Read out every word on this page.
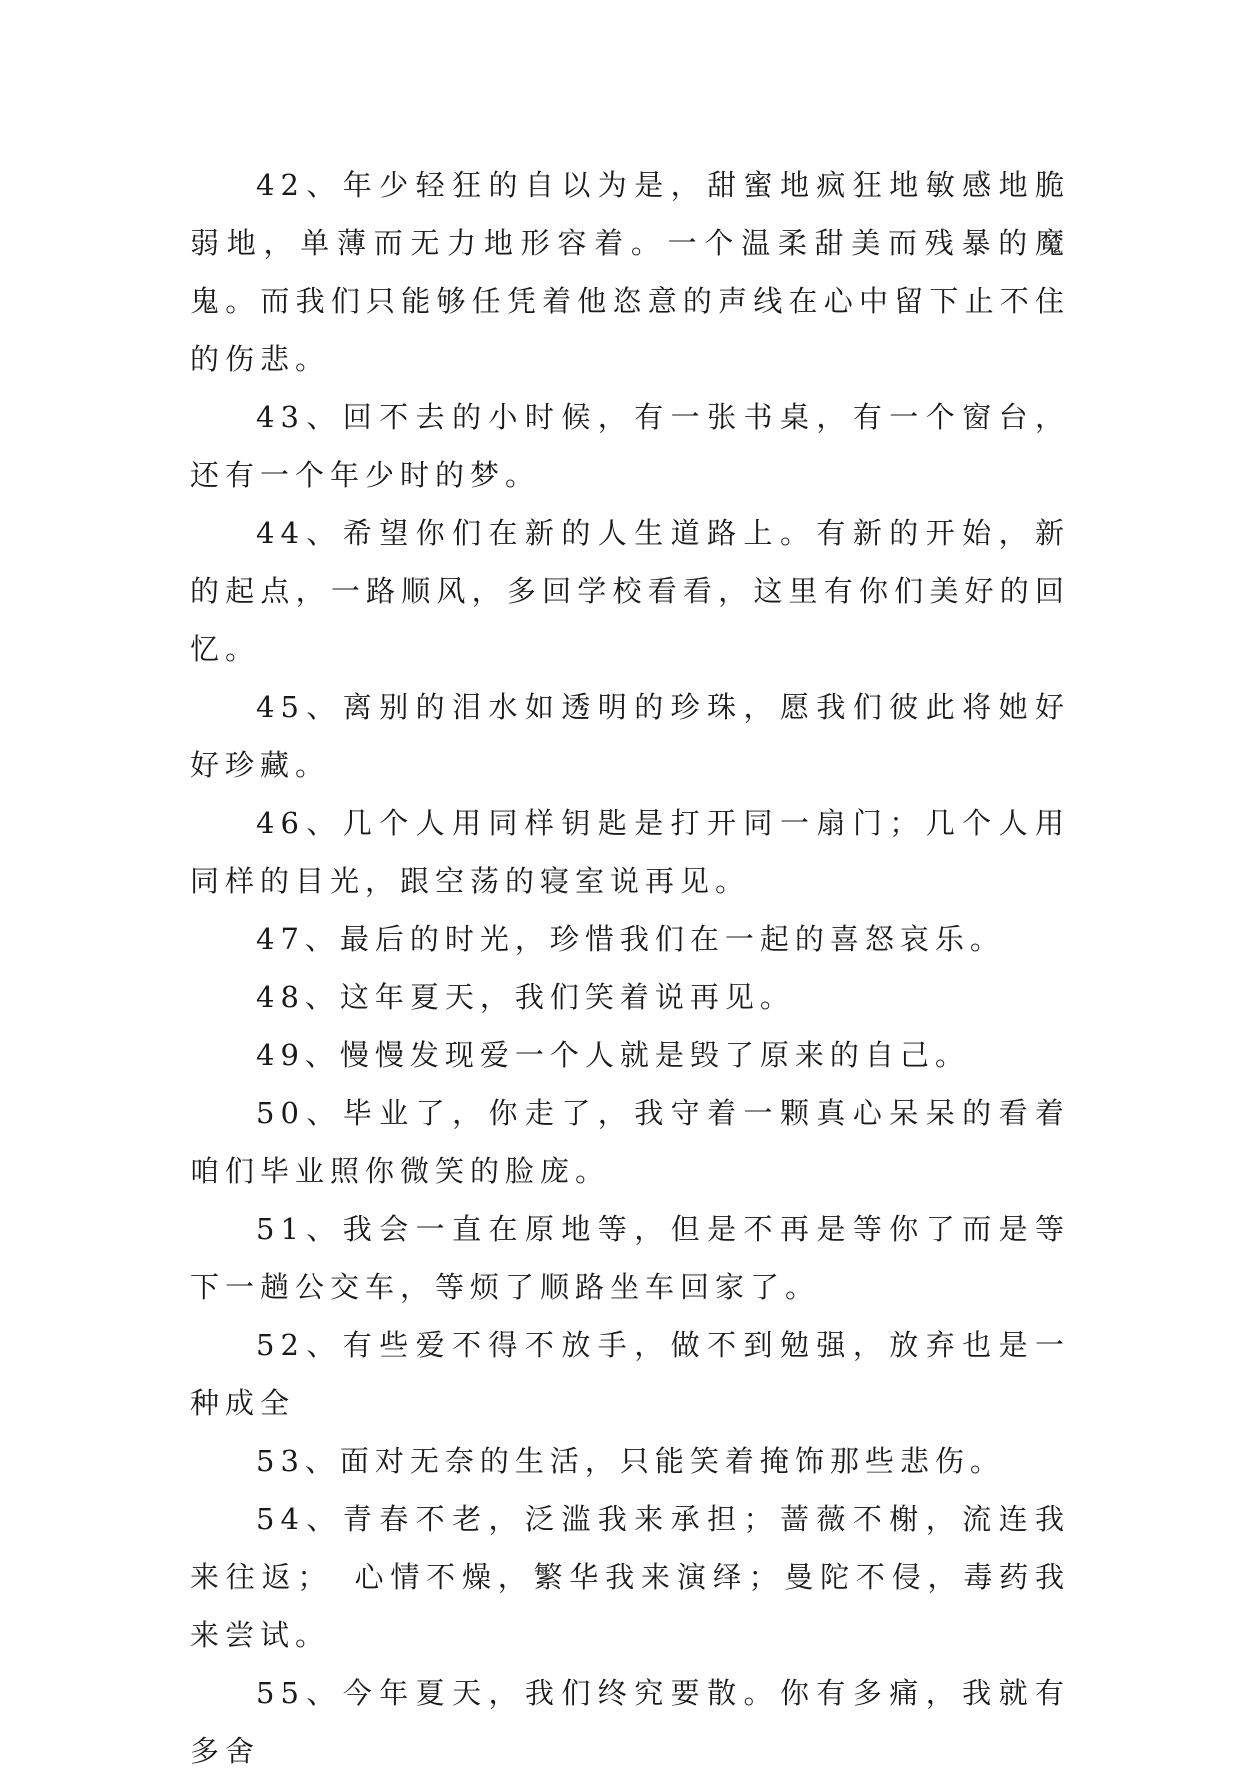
42、年少轻狂的自以为是，甜蜜地疯狂地敏感地脆弱地，单薄而无力地形容着。一个温柔甜美而残暴的魔鬼。而我们只能够任凭着他恣意的声线在心中留下止不住的伤悲。

43、回不去的小时候，有一张书桌，有一个窗台，还有一个年少时的梦。

44、希望你们在新的人生道路上。有新的开始，新的起点，一路顺风，多回学校看看，这里有你们美好的回忆。

45、离别的泪水如透明的珍珠，愿我们彼此将她好好珍藏。

46、几个人用同样钥匙是打开同一扇门；几个人用同样的目光，跟空荡的寝室说再见。

47、最后的时光，珍惜我们在一起的喜怒哀乐。

48、这年夏天，我们笑着说再见。

49、慢慢发现爱一个人就是毁了原来的自己。

50、毕业了，你走了，我守着一颗真心呆呆的看着咱们毕业照你微笑的脸庞。

51、我会一直在原地等，但是不再是等你了而是等下一趟公交车，等烦了顺路坐车回家了。

52、有些爱不得不放手，做不到勉强，放弃也是一种成全

53、面对无奈的生活，只能笑着掩饰那些悲伤。

54、青春不老，泛滥我来承担；蔷薇不榭，流连我来往返；　心情不燥，繁华我来演绎；曼陀不侵，毒药我来尝试。

55、今年夏天，我们终究要散。你有多痛，我就有多舍
